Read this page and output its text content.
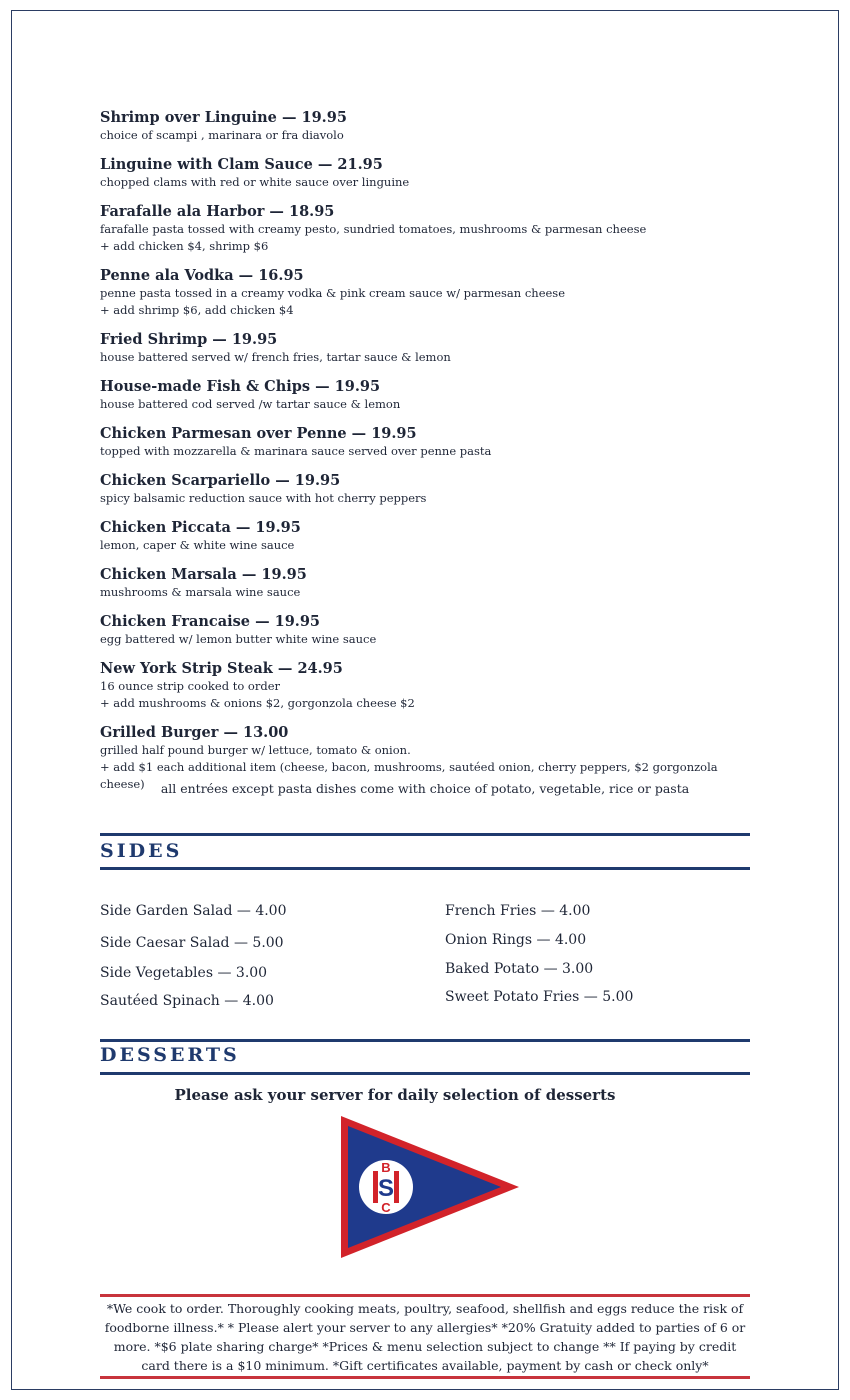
Shrimp over Linguine — 19.95
choice of scampi , marinara or fra diavolo
Linguine with Clam Sauce — 21.95
chopped clams with red or white sauce over linguine
Farafalle ala Harbor — 18.95
farafalle pasta tossed with creamy pesto, sundried tomatoes, mushrooms & parmesan cheese
+ add chicken $4, shrimp $6
Penne ala Vodka — 16.95
penne pasta tossed in a creamy vodka & pink cream sauce w/ parmesan cheese
+ add shrimp $6, add chicken $4
Fried Shrimp — 19.95
house battered served w/ french fries, tartar sauce & lemon
House-made Fish & Chips — 19.95
house battered cod served /w tartar sauce & lemon
Chicken Parmesan over Penne — 19.95
topped with mozzarella & marinara sauce served over penne pasta
Chicken Scarpariello — 19.95
spicy balsamic reduction sauce with hot cherry peppers
Chicken Piccata — 19.95
lemon, caper & white wine sauce
Chicken Marsala — 19.95
mushrooms & marsala wine sauce
Chicken Francaise — 19.95
egg battered w/ lemon butter white wine sauce
New York Strip Steak — 24.95
16 ounce strip cooked to order
+ add mushrooms & onions $2, gorgonzola cheese $2
Grilled Burger — 13.00
grilled half pound burger w/ lettuce, tomato & onion.
+ add $1 each additional item (cheese, bacon, mushrooms, sautéed onion, cherry peppers, $2 gorgonzola cheese)	all entrées except pasta dishes come with choice of potato, vegetable, rice or pasta
SIDES
Side Garden Salad — 4.00
Side Caesar Salad — 5.00
Side Vegetables — 3.00
Sautéed Spinach — 4.00
French Fries — 4.00
Onion Rings — 4.00
Baked Potato — 3.00
Sweet Potato Fries — 5.00
DESSERTS
Please ask your server for daily selection of desserts
B
S
C
*We cook to order. Thoroughly cooking meats, poultry, seafood, shellfish and eggs reduce the risk of foodborne illness.* * Please alert your server to any allergies* *20% Gratuity added to parties of 6 or more. *$6 plate sharing charge* *Prices & menu selection subject to change ** If paying by credit card there is a $10 minimum. *Gift certificates available, payment by cash or check only*
